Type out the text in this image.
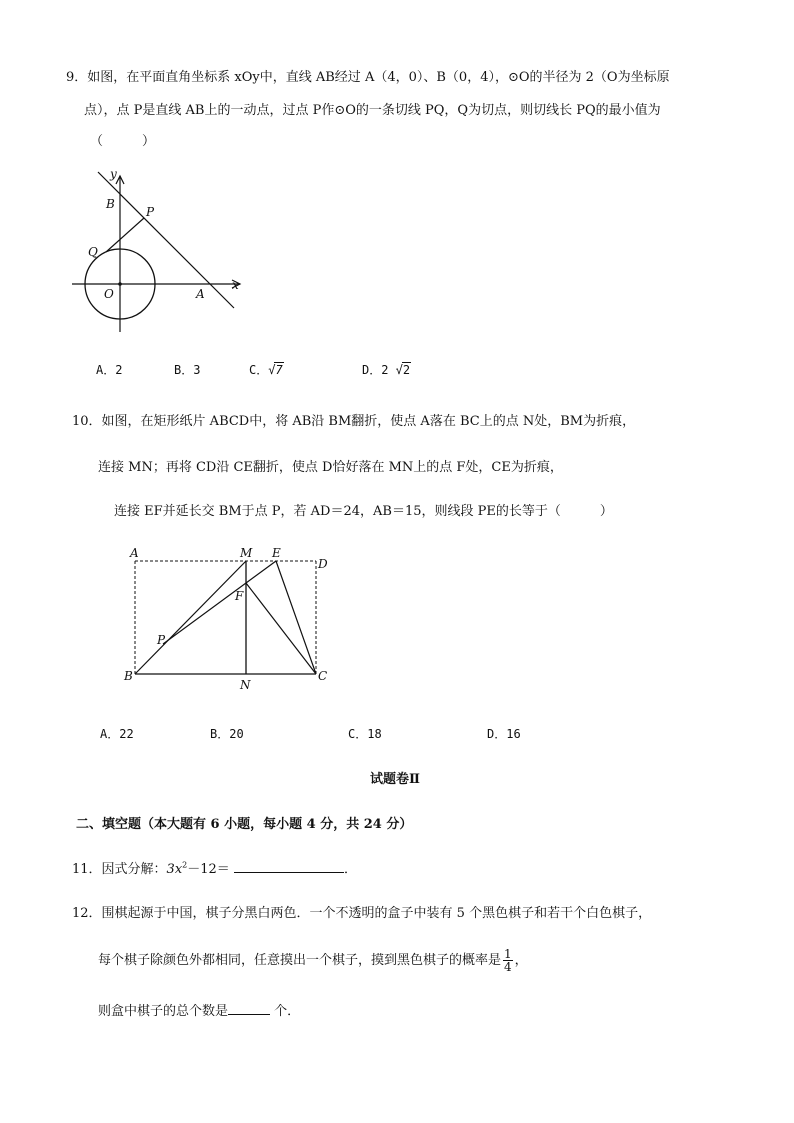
9．如图，在平面直角坐标系 xOy中，直线 AB经过 A（4，0）、B（0，4），⊙O的半径为 2（O为坐标原
点），点 P是直线 AB上的一动点，过点 P作⊙O的一条切线 PQ，Q为切点，则切线长 PQ的最小值为
（　　　）
y
B
P
Q
O	A
x
A．2	B．3	C．√7	D．2 √2
10．如图，在矩形纸片 ABCD中，将 AB沿 BM翻折，使点 A落在 BC上的点 N处，BM为折痕，
连接 MN；再将 CD沿 CE翻折，使点 D恰好落在 MN上的点 F处，CE为折痕，
连接 EF并延长交 BM于点 P，若 AD＝24，AB＝15，则线段 PE的长等于（　　　）
A	M E
D
F
P
B
N
C
A．22	B．20	C．18	D．16
试题卷Ⅱ
二、填空题（本大题有 6 小题，每小题 4 分，共 24 分）
11．因式分解：$3x^2-12=$	．
12．围棋起源于中国，棋子分黑白两色．一个不透明的盒子中装有 5 个黑色棋子和若干个白色棋子，
每个棋子除颜色外都相同，任意摸出一个棋子，摸到黑色棋子的概率是 $\frac{1}{4}$ ，
则盒中棋子的总个数是	个．
